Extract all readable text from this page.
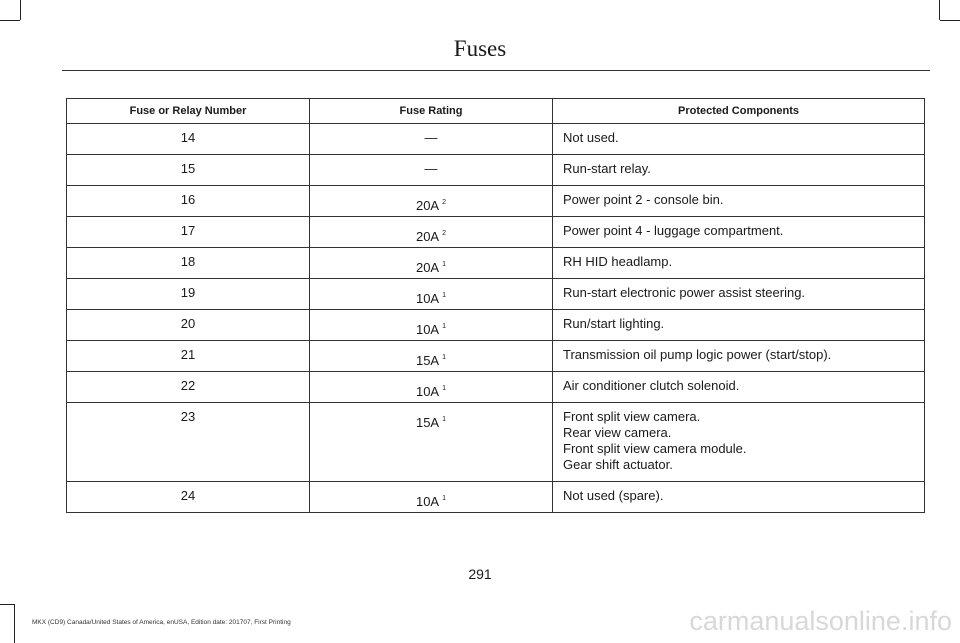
Fuses
Fuse or Relay Number	Fuse Rating	Protected Components
14	—	Not used.

15	—	Run-start relay.

16	20A $^2$	Power point 2 - console bin.

17	20A $^2$	Power point 4 - luggage compartment.

18	20A $^1$	RH HID headlamp.

19	10A $^1$	Run-start electronic power assist steering.

20	10A $^1$	Run/start lighting.

21	15A $^1$	Transmission oil pump logic power (start/stop).

22	10A $^1$	Air conditioner clutch solenoid.

23	15A $^1$	Front split view camera.
Rear view camera.
Front split view camera module.
Gear shift actuator.

24	10A $^1$	Not used (spare).
291
MKX (CD9) Canada/United States of America, enUSA, Edition date: 201707, First Printing	carmanualsonline.info
